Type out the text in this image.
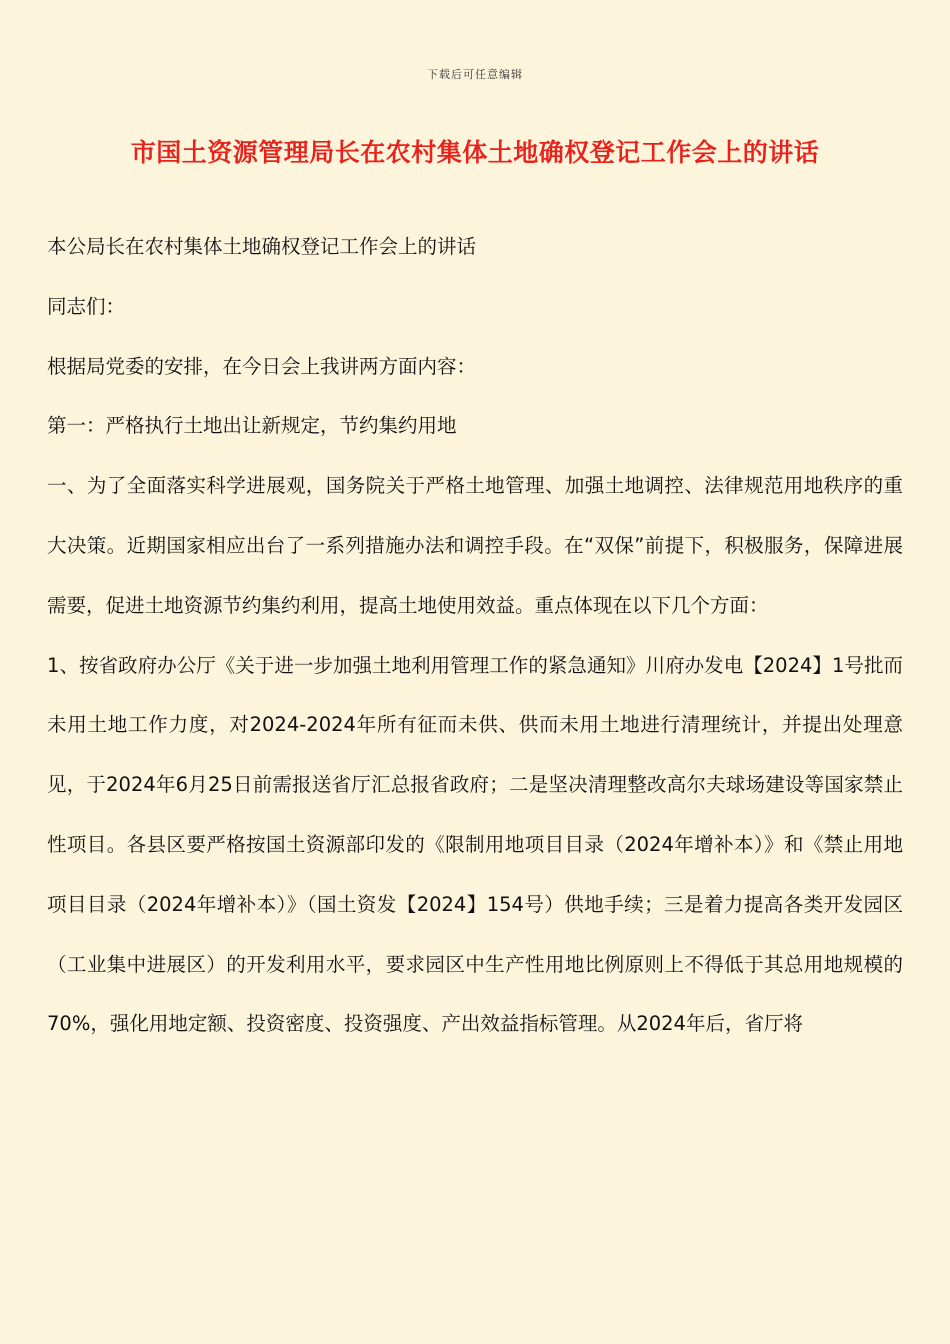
下载后可任意编辑
市国土资源管理局长在农村集体土地确权登记工作会上的讲话

本公局长在农村集体土地确权登记工作会上的讲话

同志们：

根据局党委的安排，在今日会上我讲两方面内容：

第一：严格执行土地出让新规定，节约集约用地

一、为了全面落实科学进展观，国务院关于严格土地管理、加强土地调控、法律规范用地秩序的重大决策。近期国家相应出台了一系列措施办法和调控手段。在“双保”前提下，积极服务，保障进展需要，促进土地资源节约集约利用，提高土地使用效益。重点体现在以下几个方面：

1、按省政府办公厅《关于进一步加强土地利用管理工作的紧急通知》川府办发电【2024】1号批而未用土地工作力度，对2024-2024年所有征而未供、供而未用土地进行清理统计，并提出处理意见，于2024年6月25日前需报送省厅汇总报省政府；二是坚决清理整改高尔夫球场建设等国家禁止性项目。各县区要严格按国土资源部印发的《限制用地项目目录（2024年增补本）》和《禁止用地项目目录（2024年增补本）》（国土资发【2024】154号）供地手续；三是着力提高各类开发园区（工业集中进展区）的开发利用水平，要求园区中生产性用地比例原则上不得低于其总用地规模的70%，强化用地定额、投资密度、投资强度、产出效益指标管理。从2024年后，省厅将
